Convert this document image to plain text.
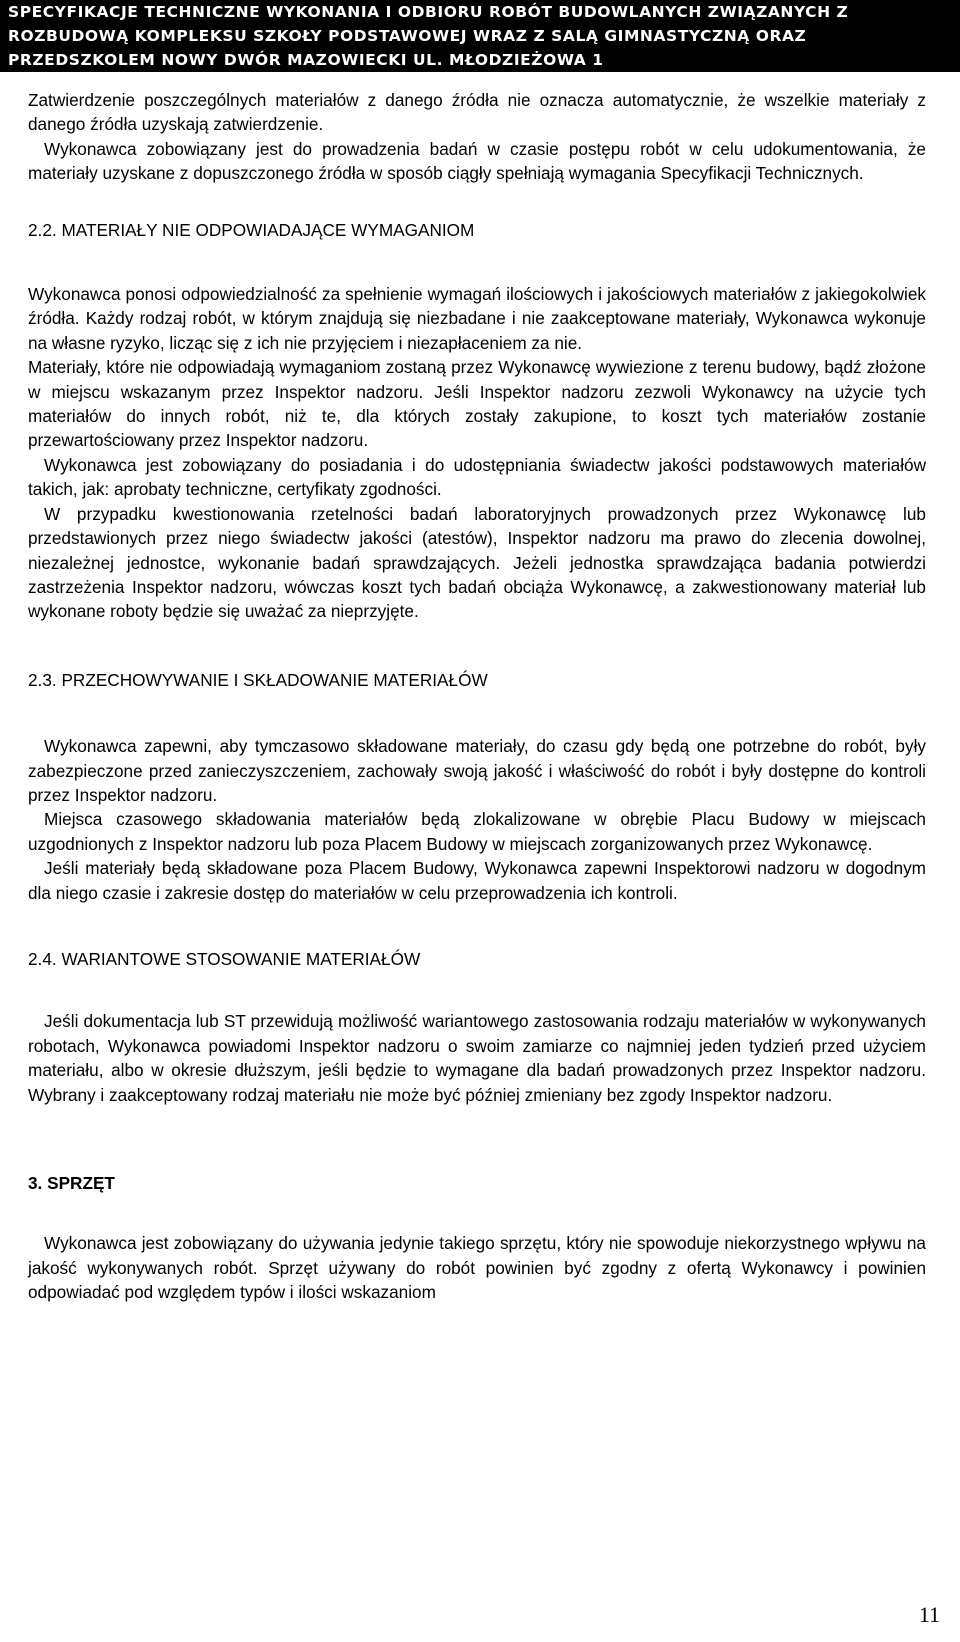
SPECYFIKACJE TECHNICZNE WYKONANIA I ODBIORU ROBÓT BUDOWLANYCH ZWIĄZANYCH Z
ROZBUDOWĄ KOMPLEKSU SZKOŁY PODSTAWOWEJ WRAZ Z SALĄ GIMNASTYCZNĄ ORAZ
PRZEDSZKOLEM NOWY DWÓR MAZOWIECKI UL. MŁODZIEŻOWA 1

Zatwierdzenie poszczególnych materiałów z danego źródła nie oznacza automatycznie, że wszelkie materiały z danego źródła uzyskają zatwierdzenie.

Wykonawca zobowiązany jest do prowadzenia badań w czasie postępu robót w celu udokumentowania, że materiały uzyskane z dopuszczonego źródła w sposób ciągły spełniają wymagania Specyfikacji Technicznych.

2.2. MATERIAŁY NIE ODPOWIADAJĄCE WYMAGANIOM

Wykonawca ponosi odpowiedzialność za spełnienie wymagań ilościowych i jakościowych materiałów z jakiegokolwiek źródła. Każdy rodzaj robót, w którym znajdują się niezbadane i nie zaakceptowane materiały, Wykonawca wykonuje na własne ryzyko, licząc się z ich nie przyjęciem i niezapłaceniem za nie.

Materiały, które nie odpowiadają wymaganiom zostaną przez Wykonawcę wywiezione z terenu budowy, bądź złożone w miejscu wskazanym przez Inspektor nadzoru. Jeśli Inspektor nadzoru zezwoli Wykonawcy na użycie tych materiałów do innych robót, niż te, dla których zostały zakupione, to koszt tych materiałów zostanie przewartościowany przez Inspektor nadzoru.

Wykonawca jest zobowiązany do posiadania i do udostępniania świadectw jakości podstawowych materiałów takich, jak: aprobaty techniczne, certyfikaty zgodności.

W przypadku kwestionowania rzetelności badań laboratoryjnych prowadzonych przez Wykonawcę lub przedstawionych przez niego świadectw jakości (atestów), Inspektor nadzoru ma prawo do zlecenia dowolnej, niezależnej jednostce, wykonanie badań sprawdzających. Jeżeli jednostka sprawdzająca badania potwierdzi zastrzeżenia Inspektor nadzoru, wówczas koszt tych badań obciąża Wykonawcę, a zakwestionowany materiał lub wykonane roboty będzie się uważać za nieprzyjęte.

2.3. PRZECHOWYWANIE I SKŁADOWANIE MATERIAŁÓW

Wykonawca zapewni, aby tymczasowo składowane materiały, do czasu gdy będą one potrzebne do robót, były zabezpieczone przed zanieczyszczeniem, zachowały swoją jakość i właściwość do robót i były dostępne do kontroli przez Inspektor nadzoru.

Miejsca czasowego składowania materiałów będą zlokalizowane w obrębie Placu Budowy w miejscach uzgodnionych z Inspektor nadzoru lub poza Placem Budowy w miejscach zorganizowanych przez Wykonawcę.

Jeśli materiały będą składowane poza Placem Budowy, Wykonawca zapewni Inspektorowi nadzoru w dogodnym dla niego czasie i zakresie dostęp do materiałów w celu przeprowadzenia ich kontroli.

2.4. WARIANTOWE STOSOWANIE MATERIAŁÓW

Jeśli dokumentacja lub ST przewidują możliwość wariantowego zastosowania rodzaju materiałów w wykonywanych robotach, Wykonawca powiadomi Inspektor nadzoru o swoim zamiarze co najmniej jeden tydzień przed użyciem materiału, albo w okresie dłuższym, jeśli będzie to wymagane dla badań prowadzonych przez Inspektor nadzoru. Wybrany i zaakceptowany rodzaj materiału nie może być później zmieniany bez zgody Inspektor nadzoru.

3. SPRZĘT

Wykonawca jest zobowiązany do używania jedynie takiego sprzętu, który nie spowoduje niekorzystnego wpływu na jakość wykonywanych robót. Sprzęt używany do robót powinien być zgodny z ofertą Wykonawcy i powinien odpowiadać pod względem typów i ilości wskazaniom

11
